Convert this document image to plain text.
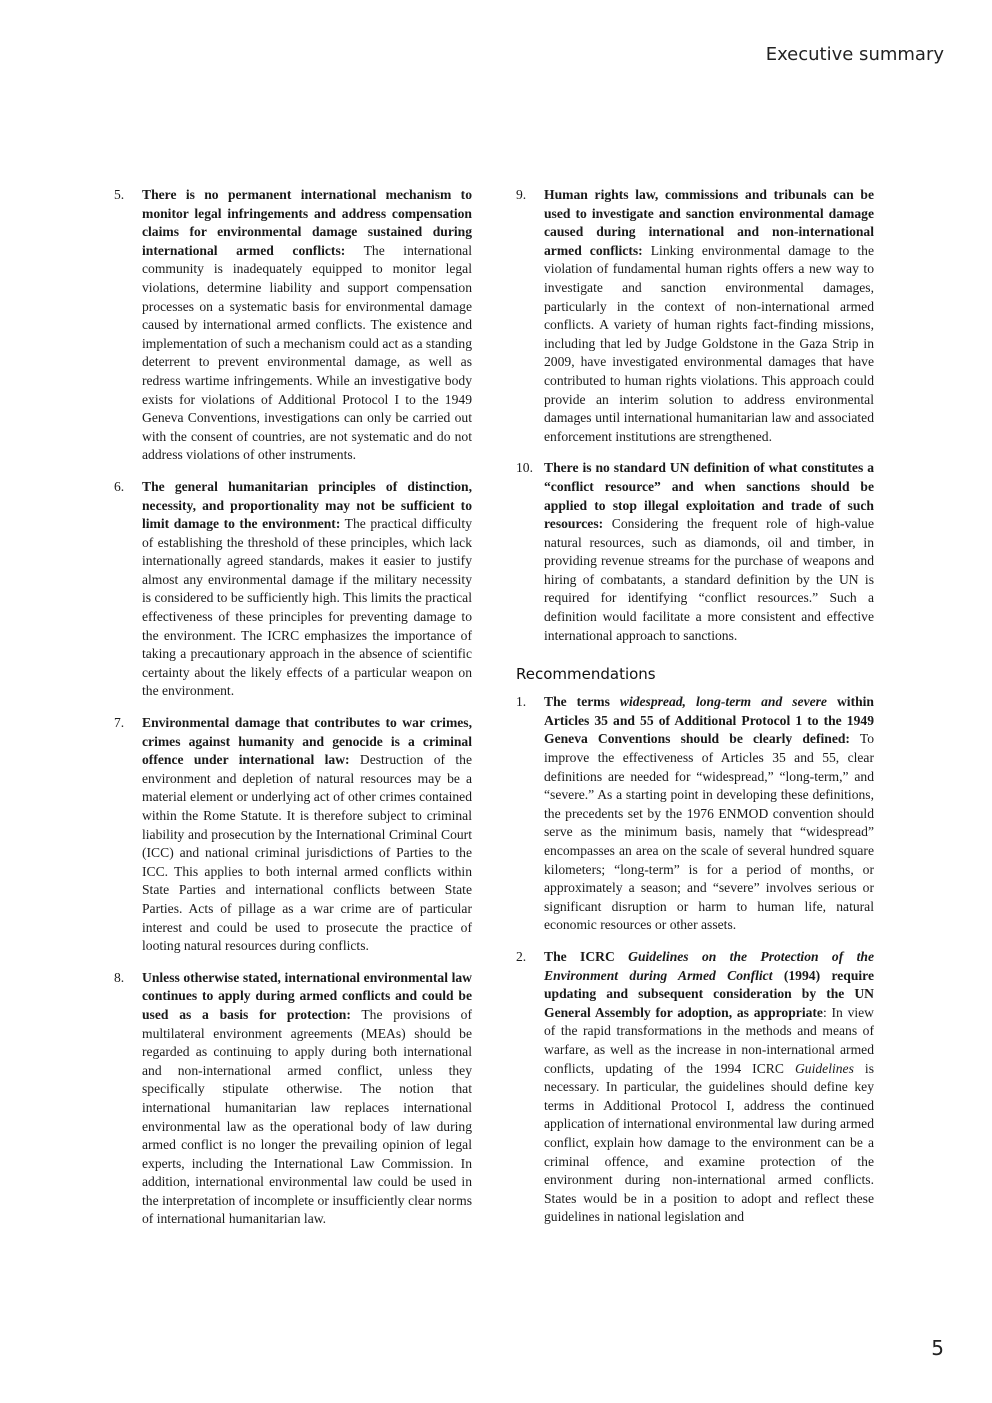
Executive summary
5. There is no permanent international mechanism to monitor legal infringements and address compensation claims for environmental damage sustained during international armed conflicts: The international community is inadequately equipped to monitor legal violations, determine liability and support compensation processes on a systematic basis for environmental damage caused by international armed conflicts. The existence and implementation of such a mechanism could act as a standing deterrent to prevent environmental damage, as well as redress wartime infringements. While an investigative body exists for violations of Additional Protocol I to the 1949 Geneva Conventions, investigations can only be carried out with the consent of countries, are not systematic and do not address violations of other instruments.
6. The general humanitarian principles of distinction, necessity, and proportionality may not be sufficient to limit damage to the environment: The practical difficulty of establishing the threshold of these principles, which lack internationally agreed standards, makes it easier to justify almost any environmental damage if the military necessity is considered to be sufficiently high. This limits the practical effectiveness of these principles for preventing damage to the environment. The ICRC emphasizes the importance of taking a precautionary approach in the absence of scientific certainty about the likely effects of a particular weapon on the environment.
7. Environmental damage that contributes to war crimes, crimes against humanity and genocide is a criminal offence under international law: Destruction of the environment and depletion of natural resources may be a material element or underlying act of other crimes contained within the Rome Statute. It is therefore subject to criminal liability and prosecution by the International Criminal Court (ICC) and national criminal jurisdictions of Parties to the ICC. This applies to both internal armed conflicts within State Parties and international conflicts between State Parties. Acts of pillage as a war crime are of particular interest and could be used to prosecute the practice of looting natural resources during conflicts.
8. Unless otherwise stated, international environmental law continues to apply during armed conflicts and could be used as a basis for protection: The provisions of multilateral environment agreements (MEAs) should be regarded as continuing to apply during both international and non-international armed conflict, unless they specifically stipulate otherwise. The notion that international humanitarian law replaces international environmental law as the operational body of law during armed conflict is no longer the prevailing opinion of legal experts, including the International Law Commission. In addition, international environmental law could be used in the interpretation of incomplete or insufficiently clear norms of international humanitarian law.
9. Human rights law, commissions and tribunals can be used to investigate and sanction environmental damage caused during international and non-international armed conflicts: Linking environmental damage to the violation of fundamental human rights offers a new way to investigate and sanction environmental damages, particularly in the context of non-international armed conflicts. A variety of human rights fact-finding missions, including that led by Judge Goldstone in the Gaza Strip in 2009, have investigated environmental damages that have contributed to human rights violations. This approach could provide an interim solution to address environmental damages until international humanitarian law and associated enforcement institutions are strengthened.
10. There is no standard UN definition of what constitutes a “conflict resource” and when sanctions should be applied to stop illegal exploitation and trade of such resources: Considering the frequent role of high-value natural resources, such as diamonds, oil and timber, in providing revenue streams for the purchase of weapons and hiring of combatants, a standard definition by the UN is required for identifying “conflict resources.” Such a definition would facilitate a more consistent and effective international approach to sanctions.
Recommendations
1. The terms widespread, long-term and severe within Articles 35 and 55 of Additional Protocol 1 to the 1949 Geneva Conventions should be clearly defined: To improve the effectiveness of Articles 35 and 55, clear definitions are needed for “widespread,” “long-term,” and “severe.” As a starting point in developing these definitions, the precedents set by the 1976 ENMOD convention should serve as the minimum basis, namely that “widespread” encompasses an area on the scale of several hundred square kilometers; “long-term” is for a period of months, or approximately a season; and “severe” involves serious or significant disruption or harm to human life, natural economic resources or other assets.
2. The ICRC Guidelines on the Protection of the Environment during Armed Conflict (1994) require updating and subsequent consideration by the UN General Assembly for adoption, as appropriate: In view of the rapid transformations in the methods and means of warfare, as well as the increase in non-international armed conflicts, updating of the 1994 ICRC Guidelines is necessary. In particular, the guidelines should define key terms in Additional Protocol I, address the continued application of international environmental law during armed conflict, explain how damage to the environment can be a criminal offence, and examine protection of the environment during non-international armed conflicts. States would be in a position to adopt and reflect these guidelines in national legislation and
5
